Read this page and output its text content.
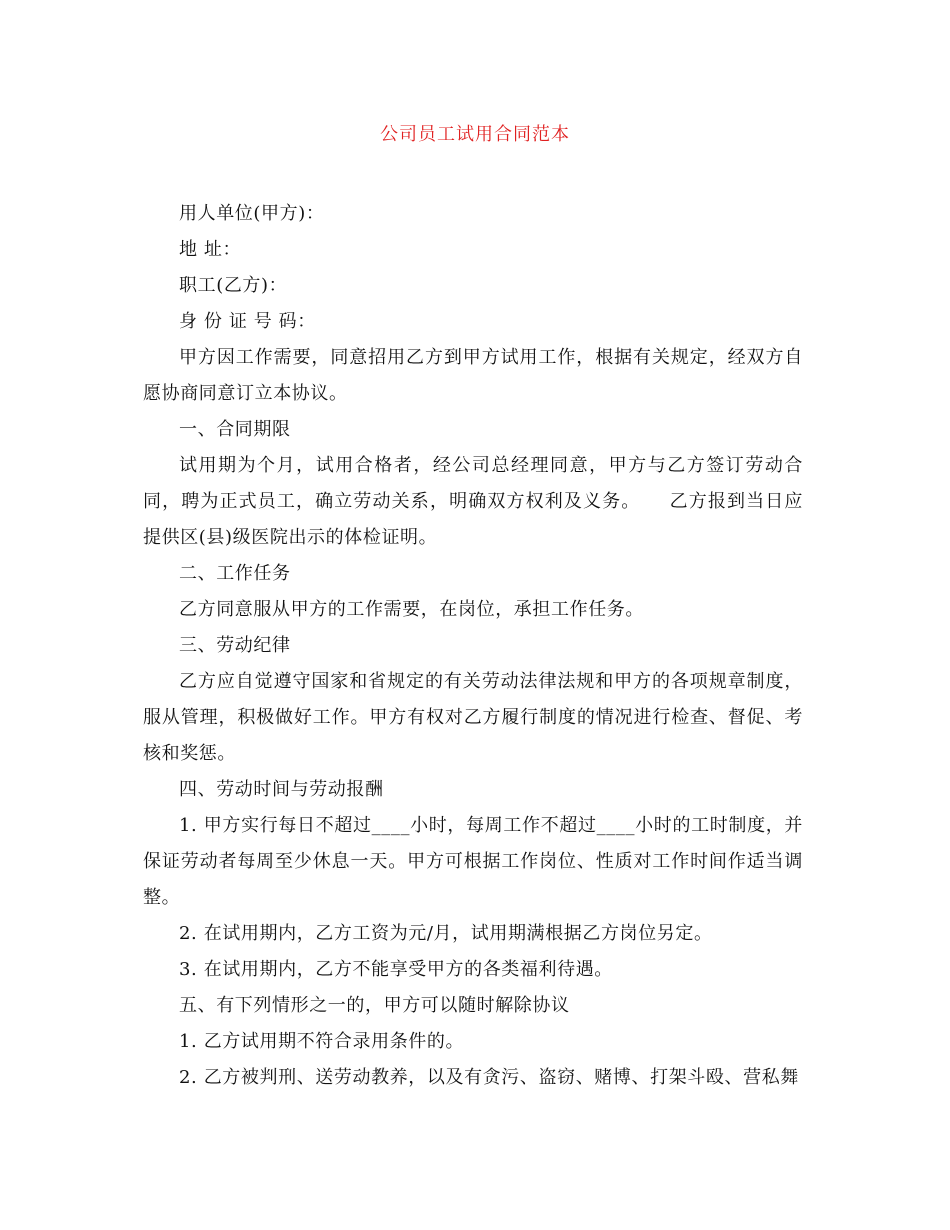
公司员工试用合同范本

用人单位(甲方)：

地 址：

职工(乙方)：

身 份 证 号 码：

甲方因工作需要，同意招用乙方到甲方试用工作，根据有关规定，经双方自愿协商同意订立本协议。

一、合同期限

试用期为个月，试用合格者，经公司总经理同意，甲方与乙方签订劳动合同，聘为正式员工，确立劳动关系，明确双方权利及义务。　　乙方报到当日应提供区(县)级医院出示的体检证明。

二、工作任务

乙方同意服从甲方的工作需要，在岗位，承担工作任务。

三、劳动纪律

乙方应自觉遵守国家和省规定的有关劳动法律法规和甲方的各项规章制度，服从管理，积极做好工作。甲方有权对乙方履行制度的情况进行检查、督促、考核和奖惩。

四、劳动时间与劳动报酬

1. 甲方实行每日不超过____小时，每周工作不超过____小时的工时制度，并保证劳动者每周至少休息一天。甲方可根据工作岗位、性质对工作时间作适当调整。

2. 在试用期内，乙方工资为元/月，试用期满根据乙方岗位另定。

3. 在试用期内，乙方不能享受甲方的各类福利待遇。

五、有下列情形之一的，甲方可以随时解除协议

1. 乙方试用期不符合录用条件的。

2. 乙方被判刑、送劳动教养，以及有贪污、盗窃、赌博、打架斗殴、营私舞
